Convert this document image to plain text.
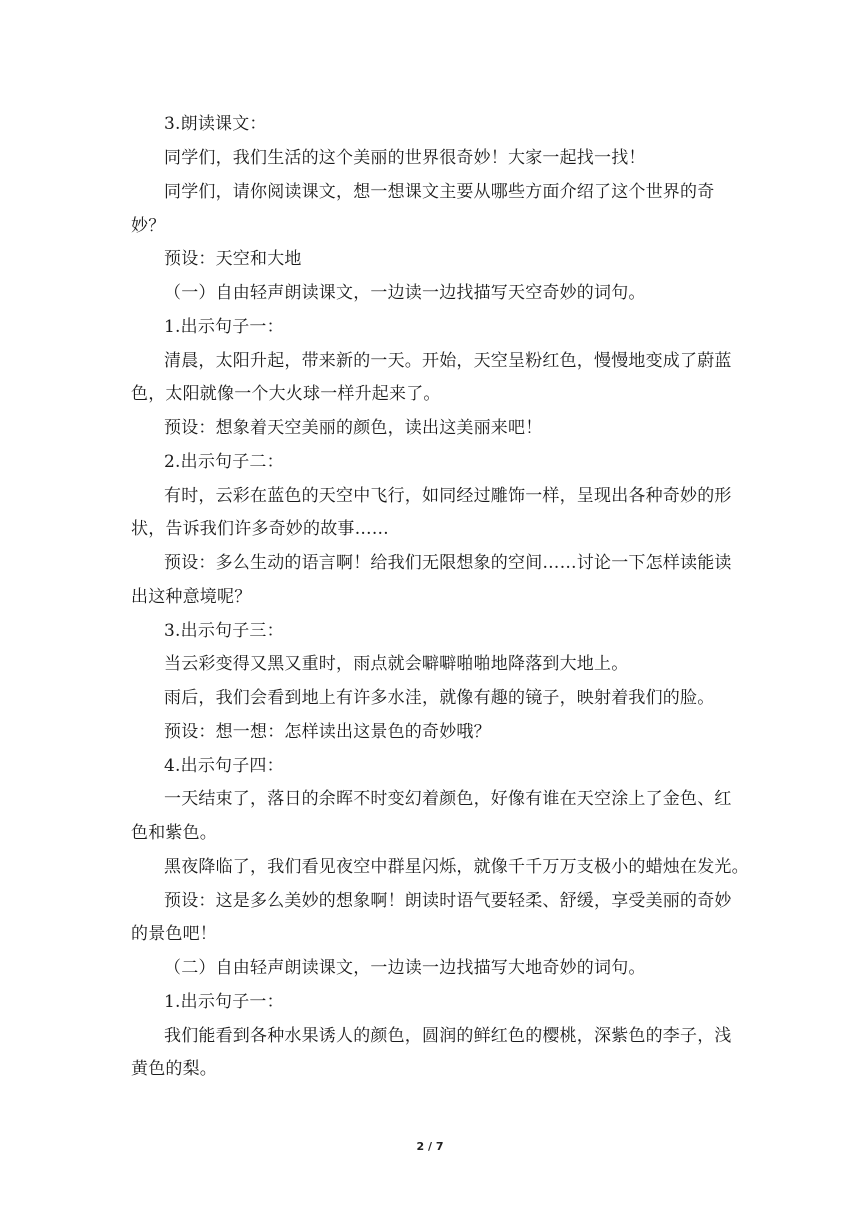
3.朗读课文：
同学们，我们生活的这个美丽的世界很奇妙！大家一起找一找！
同学们，请你阅读课文，想一想课文主要从哪些方面介绍了这个世界的奇
妙？
预设：天空和大地
（一）自由轻声朗读课文，一边读一边找描写天空奇妙的词句。
1.出示句子一：
清晨，太阳升起，带来新的一天。开始，天空呈粉红色，慢慢地变成了蔚蓝
色，太阳就像一个大火球一样升起来了。
预设：想象着天空美丽的颜色，读出这美丽来吧！
2.出示句子二：
有时，云彩在蓝色的天空中飞行，如同经过雕饰一样，呈现出各种奇妙的形
状，告诉我们许多奇妙的故事……
预设：多么生动的语言啊！给我们无限想象的空间……讨论一下怎样读能读
出这种意境呢？
3.出示句子三：
当云彩变得又黑又重时，雨点就会噼噼啪啪地降落到大地上。
雨后，我们会看到地上有许多水洼，就像有趣的镜子，映射着我们的脸。
预设：想一想：怎样读出这景色的奇妙哦？
4.出示句子四：
一天结束了，落日的余晖不时变幻着颜色，好像有谁在天空涂上了金色、红
色和紫色。
黑夜降临了，我们看见夜空中群星闪烁，就像千千万万支极小的蜡烛在发光。
预设：这是多么美妙的想象啊！朗读时语气要轻柔、舒缓，享受美丽的奇妙
的景色吧！
（二）自由轻声朗读课文，一边读一边找描写大地奇妙的词句。
1.出示句子一：
我们能看到各种水果诱人的颜色，圆润的鲜红色的樱桃，深紫色的李子，浅
黄色的梨。
2 / 7
